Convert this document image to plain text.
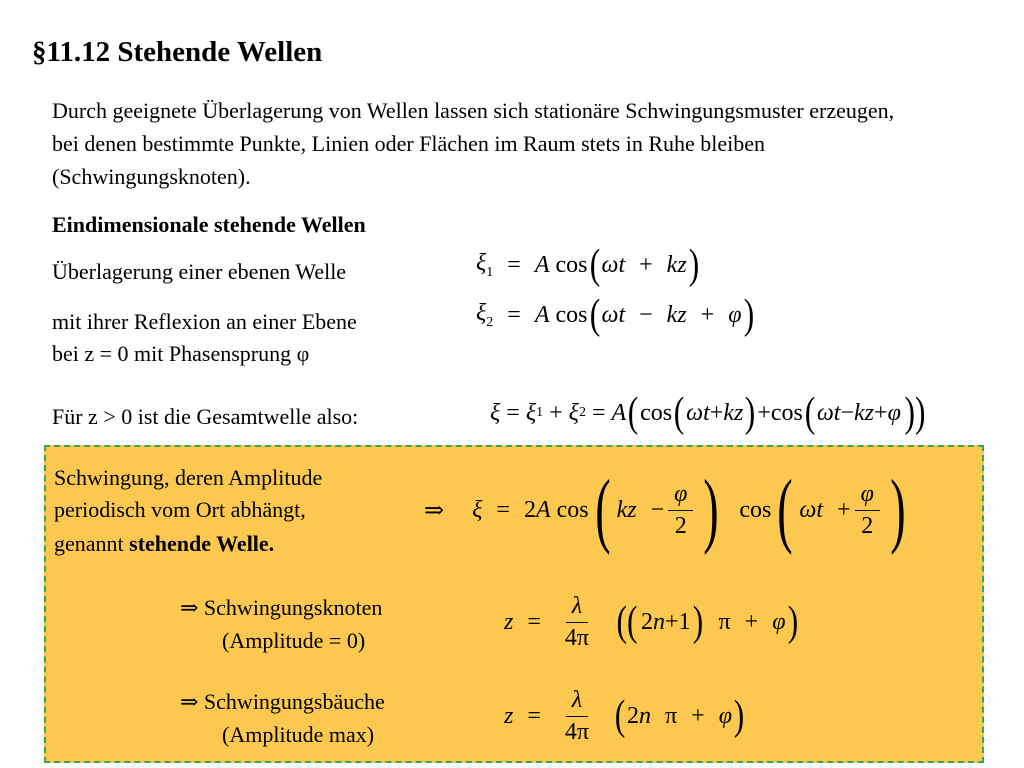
§11.12 Stehende Wellen
Durch geeignete Überlagerung von Wellen lassen sich stationäre Schwingungsmuster erzeugen, bei denen bestimmte Punkte, Linien oder Flächen im Raum stets in Ruhe bleiben (Schwingungsknoten).
Eindimensionale stehende Wellen
Überlagerung einer ebenen Welle
mit ihrer Reflexion an einer Ebene
bei z = 0 mit Phasensprung φ
Für z > 0 ist die Gesamtwelle also:
$\xi_1 = A$ cos ( ωt + kz )
$\xi_2 = A$ cos ( ωt − kz + φ )
ξ = ξ 1 + ξ 2 = A ( cos ( ωt + kz ) +cos ( ωt − kz + φ ))
Schwingung, deren Amplitude
periodisch vom Ort abhängt,
genannt stehende Welle.
⇒ ξ = 2 A cos ( kz − $\frac{\varphi}{2}$ ) cos ( $\omega t + \frac{\varphi}{2}$ )
⇒ Schwingungsknoten
(Amplitude = 0)
$z = \frac{\lambda}{4\pi}$ (( 2 n +1 ) π + φ )
⇒ Schwingungsbäuche
(Amplitude max)
$z = \frac{\lambda}{4\pi}$ ( 2 n π + φ )
